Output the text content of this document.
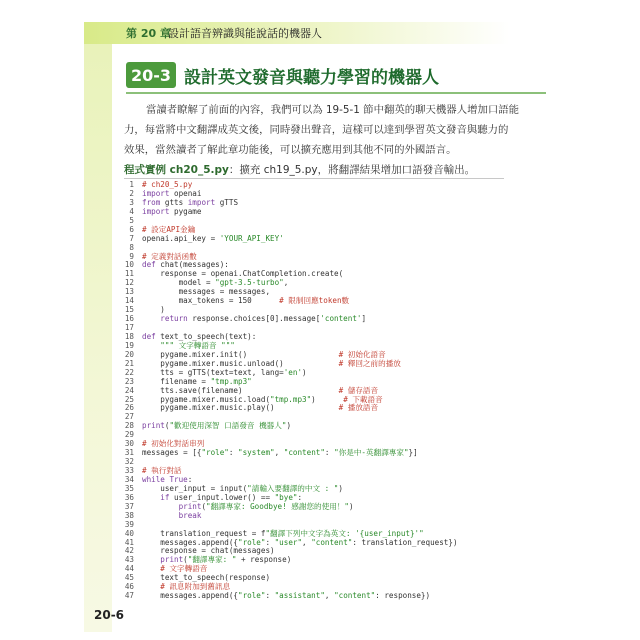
第 20 章
設計語音辨識與能說話的機器人
20-3 設計英文發音與聽力學習的機器人
當讀者瞭解了前面的內容，我們可以為 19-5-1 節中翻英的聊天機器人增加口語能
力，每當將中文翻譯成英文後，同時發出聲音，這樣可以達到學習英文發音與聽力的
效果，當然讀者了解此章功能後，可以擴充應用到其他不同的外國語言。
程式實例 ch20_5.py：擴充 ch19_5.py，將翻譯結果增加口語發音輸出。
1 # ch20_5.py
2 import openai
3 from gtts import gTTS
4 import pygame
5
6 # 設定API金鑰
7 openai.api_key = 'YOUR_API_KEY'
8
9 # 定義對話函數
10 def chat(messages):
11 response = openai.ChatCompletion.create(
12 model = "gpt-3.5-turbo",
13 messages = messages,
14 max_tokens = 150      # 限制回應token數
15 )
16	return response.choices[0].message['content']
17
18 def text_to_speech(text):
19	""" 文字轉語音 """
20 pygame.mixer.init()                    # 初始化語音
21 pygame.mixer.music.unload()            # 釋回之前的播放
22 tts = gTTS(text=text, lang='en')
23 filename = "tmp.mp3"
24 tts.save(filename)                     # 儲存語音
25 pygame.mixer.music.load("tmp.mp3")      # 下載語音
26 pygame.mixer.music.play()              # 播放語音
27
28 print("歡迎使用深智 口語發音 機器人")
29
30 # 初始化對話串列
31 messages = [{"role": "system", "content": "你是中-英翻譯專家"}]
32
33 # 執行對話
34 while True:
35 user_input = input("請輸入要翻譯的中文 : ")
36	if user_input.lower() == "bye":
37	print("翻譯專家: Goodbye! 感謝您的使用！")
38	break
39
40 translation_request = f"翻譯下列中文字為英文: '{user_input}'"
41 messages.append({"role": "user", "content": translation_request})
42 response = chat(messages)
43	print("翻譯專家: " + response)
44 # 文字轉語音
45 text_to_speech(response)
46 # 訊息附加到舊訊息
47 messages.append({"role": "assistant", "content": response})
20-6
